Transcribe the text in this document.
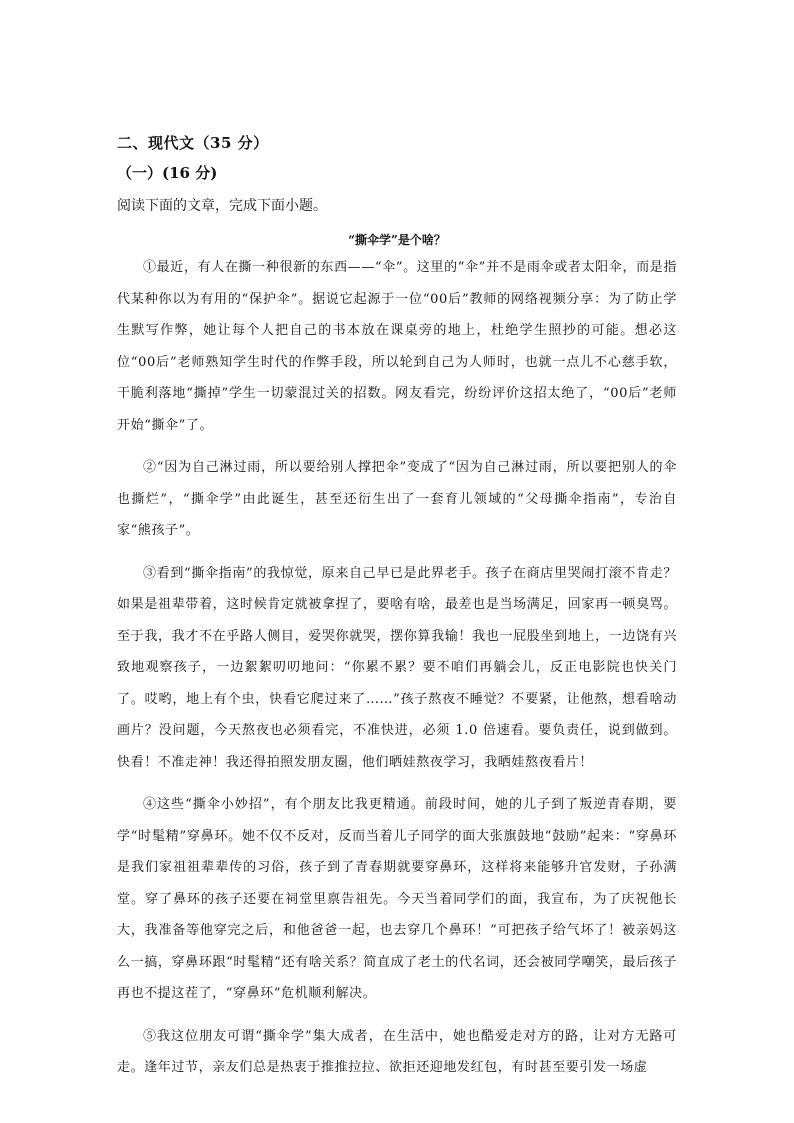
二、现代文（35 分）
（一）(16 分)

阅读下面的文章，完成下面小题。

“撕伞学”是个啥？

①最近，有人在撕一种很新的东西——“伞”。这里的“伞”并不是雨伞或者太阳伞，而是指代某种你以为有用的“保护伞”。据说它起源于一位“00后”教师的网络视频分享：为了防止学生默写作弊，她让每个人把自己的书本放在课桌旁的地上，杜绝学生照抄的可能。想必这位“00后”老师熟知学生时代的作弊手段，所以轮到自己为人师时，也就一点儿不心慈手软，干脆利落地“撕掉”学生一切蒙混过关的招数。网友看完，纷纷评价这招太绝了，“00后”老师开始“撕伞”了。

②“因为自己淋过雨，所以要给别人撑把伞”变成了“因为自己淋过雨，所以要把别人的伞也撕烂”，“撕伞学”由此诞生，甚至还衍生出了一套育儿领域的“父母撕伞指南”，专治自家“熊孩子”。

③看到“撕伞指南”的我惊觉，原来自己早已是此界老手。孩子在商店里哭闹打滚不肯走？如果是祖辈带着，这时候肯定就被拿捏了，要啥有啥，最差也是当场满足，回家再一顿臭骂。至于我，我才不在乎路人侧目，爱哭你就哭，摆你算我输！我也一屁股坐到地上，一边饶有兴致地观察孩子，一边絮絮叨叨地问：“你累不累？要不咱们再躺会儿，反正电影院也快关门了。哎哟，地上有个虫，快看它爬过来了……”孩子熬夜不睡觉？不要紧，让他熬，想看啥动画片？没问题，今天熬夜也必须看完，不准快进，必须 1.0 倍速看。要负责任，说到做到。快看！不准走神！我还得拍照发朋友圈，他们晒娃熬夜学习，我晒娃熬夜看片！

④这些“撕伞小妙招”，有个朋友比我更精通。前段时间，她的儿子到了叛逆青春期，要学“时髦精”穿鼻环。她不仅不反对，反而当着儿子同学的面大张旗鼓地“鼓励”起来：“穿鼻环是我们家祖祖辈辈传的习俗，孩子到了青春期就要穿鼻环，这样将来能够升官发财，子孙满堂。穿了鼻环的孩子还要在祠堂里禀告祖先。今天当着同学们的面，我宣布，为了庆祝他长大，我准备等他穿完之后，和他爸爸一起，也去穿几个鼻环！”可把孩子给气坏了！被亲妈这么一搞，穿鼻环跟“时髦精”还有啥关系？简直成了老土的代名词，还会被同学嘲笑，最后孩子再也不提这茬了，“穿鼻环”危机顺利解决。

⑤我这位朋友可谓“撕伞学”集大成者，在生活中，她也酷爱走对方的路，让对方无路可走。逢年过节，亲友们总是热衷于推推拉拉、欲拒还迎地发红包，有时甚至要引发一场虚
